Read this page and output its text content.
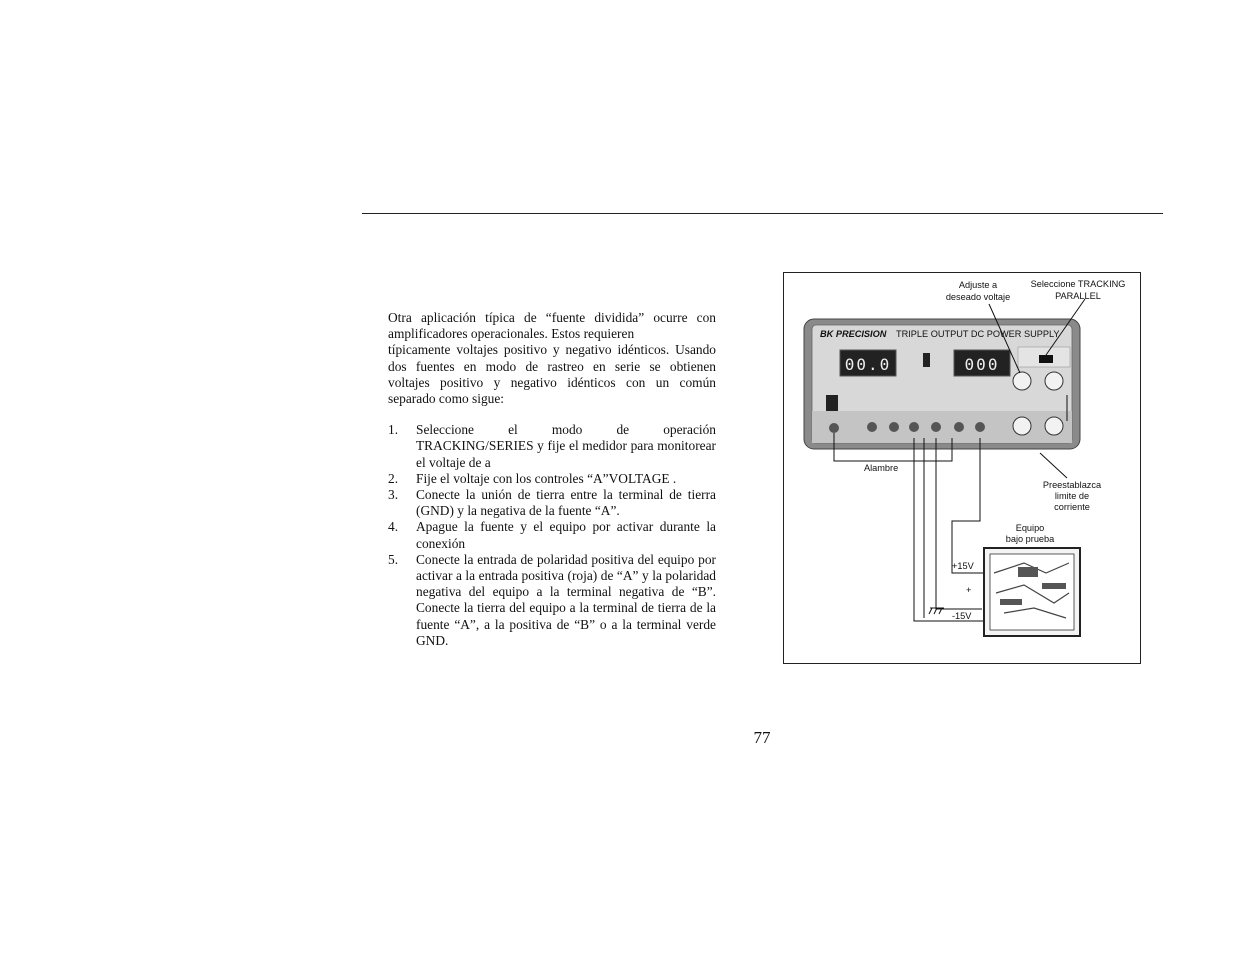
Otra aplicación típica de “fuente dividida” ocurre con
amplificadores operacionales. Estos requieren
típicamente voltajes positivo y negativo idénticos. Usando
dos fuentes en modo de rastreo en serie se obtienen
voltajes positivo y negativo idénticos con un común
separado como sigue:

1. Seleccione el modo de operación
TRACKING/SERIES y fije el medidor para monitorear el voltaje de a
2. Fije el voltaje con los controles “A”VOLTAGE .
3. Conecte la unión de tierra entre la terminal de tierra (GND) y la negativa de la fuente “A”.
4. Apague la fuente y el equipo por activar durante la conexión
5. Conecte la entrada de polaridad positiva del equipo por activar a la entrada positiva (roja) de “A” y la polaridad negativa del equipo a la terminal negativa de “B”. Conecte la tierra del equipo a la terminal de tierra de la fuente “A”, a la positiva de “B” o a la terminal verde GND.
BK PRECISION TRIPLE OUTPUT DC POWER SUPPLY
00.0	000
Adjuste a
deseado voltaje
Seleccione TRACKING
PARALLEL
Alambre
Preestablazca
limite de
corriente
Equipo
bajo prueba
+15V
+
-15V
77
